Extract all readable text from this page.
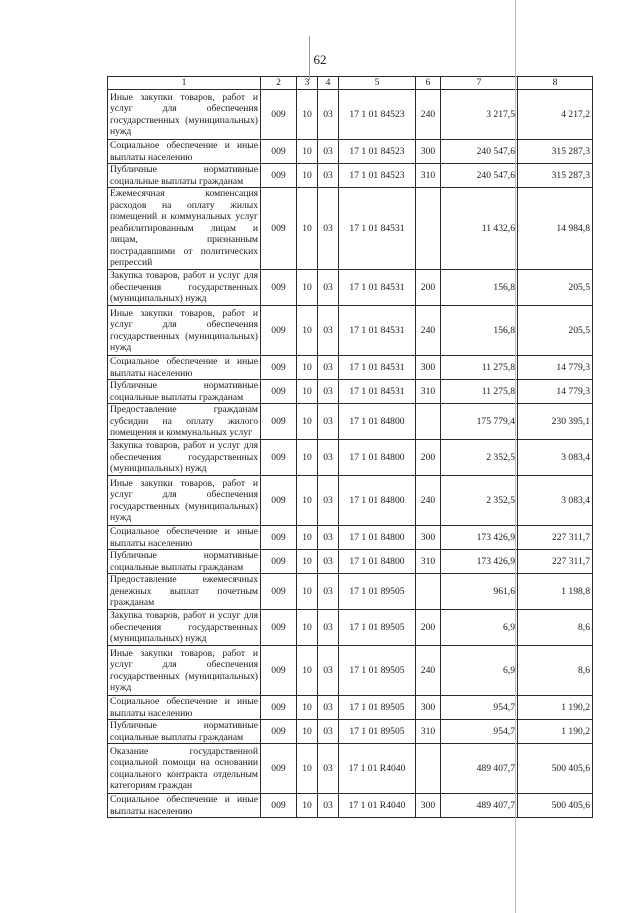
62
1	2	3	4	5	6	7	8
Иные закупки товаров, работ и услуг для обеспечения государственных (муниципальных) нужд	009	10	03	17 1 01 84523	240	3 217,5	4 217,2
Социальное обеспечение и иные выплаты населению	009	10	03	17 1 01 84523	300	240 547,6	315 287,3
Публичные нормативные социальные выплаты гражданам	009	10	03	17 1 01 84523	310	240 547,6	315 287,3
Ежемесячная компенсация расходов на оплату жилых помещений и коммунальных услуг реабилитированным лицам и лицам, признанным пострадавшими от политических репрессий	009	10	03	17 1 01 84531		11 432,6	14 984,8
Закупка товаров, работ и услуг для обеспечения государственных (муниципальных) нужд	009	10	03	17 1 01 84531	200	156,8	205,5
Иные закупки товаров, работ и услуг для обеспечения государственных (муниципальных) нужд	009	10	03	17 1 01 84531	240	156,8	205,5
Социальное обеспечение и иные выплаты населению	009	10	03	17 1 01 84531	300	11 275,8	14 779,3
Публичные нормативные социальные выплаты гражданам	009	10	03	17 1 01 84531	310	11 275,8	14 779,3
Предоставление гражданам субсидии на оплату жилого помещения и коммунальных услуг	009	10	03	17 1 01 84800		175 779,4	230 395,1
Закупка товаров, работ и услуг для обеспечения государственных (муниципальных) нужд	009	10	03	17 1 01 84800	200	2 352,5	3 083,4
Иные закупки товаров, работ и услуг для обеспечения государственных (муниципальных) нужд	009	10	03	17 1 01 84800	240	2 352,5	3 083,4
Социальное обеспечение и иные выплаты населению	009	10	03	17 1 01 84800	300	173 426,9	227 311,7
Публичные нормативные социальные выплаты гражданам	009	10	03	17 1 01 84800	310	173 426,9	227 311,7
Предоставление ежемесячных денежных выплат почетным гражданам	009	10	03	17 1 01 89505		961,6	1 198,8
Закупка товаров, работ и услуг для обеспечения государственных (муниципальных) нужд	009	10	03	17 1 01 89505	200	6,9	8,6
Иные закупки товаров, работ и услуг для обеспечения государственных (муниципальных) нужд	009	10	03	17 1 01 89505	240	6,9	8,6
Социальное обеспечение и иные выплаты населению	009	10	03	17 1 01 89505	300	954,7	1 190,2
Публичные нормативные социальные выплаты гражданам	009	10	03	17 1 01 89505	310	954,7	1 190,2
Оказание государственной социальной помощи на основании социального контракта отдельным категориям граждан	009	10	03	17 1 01 R4040		489 407,7	500 405,6
Социальное обеспечение и иные выплаты населению	009	10	03	17 1 01 R4040	300	489 407,7	500 405,6
